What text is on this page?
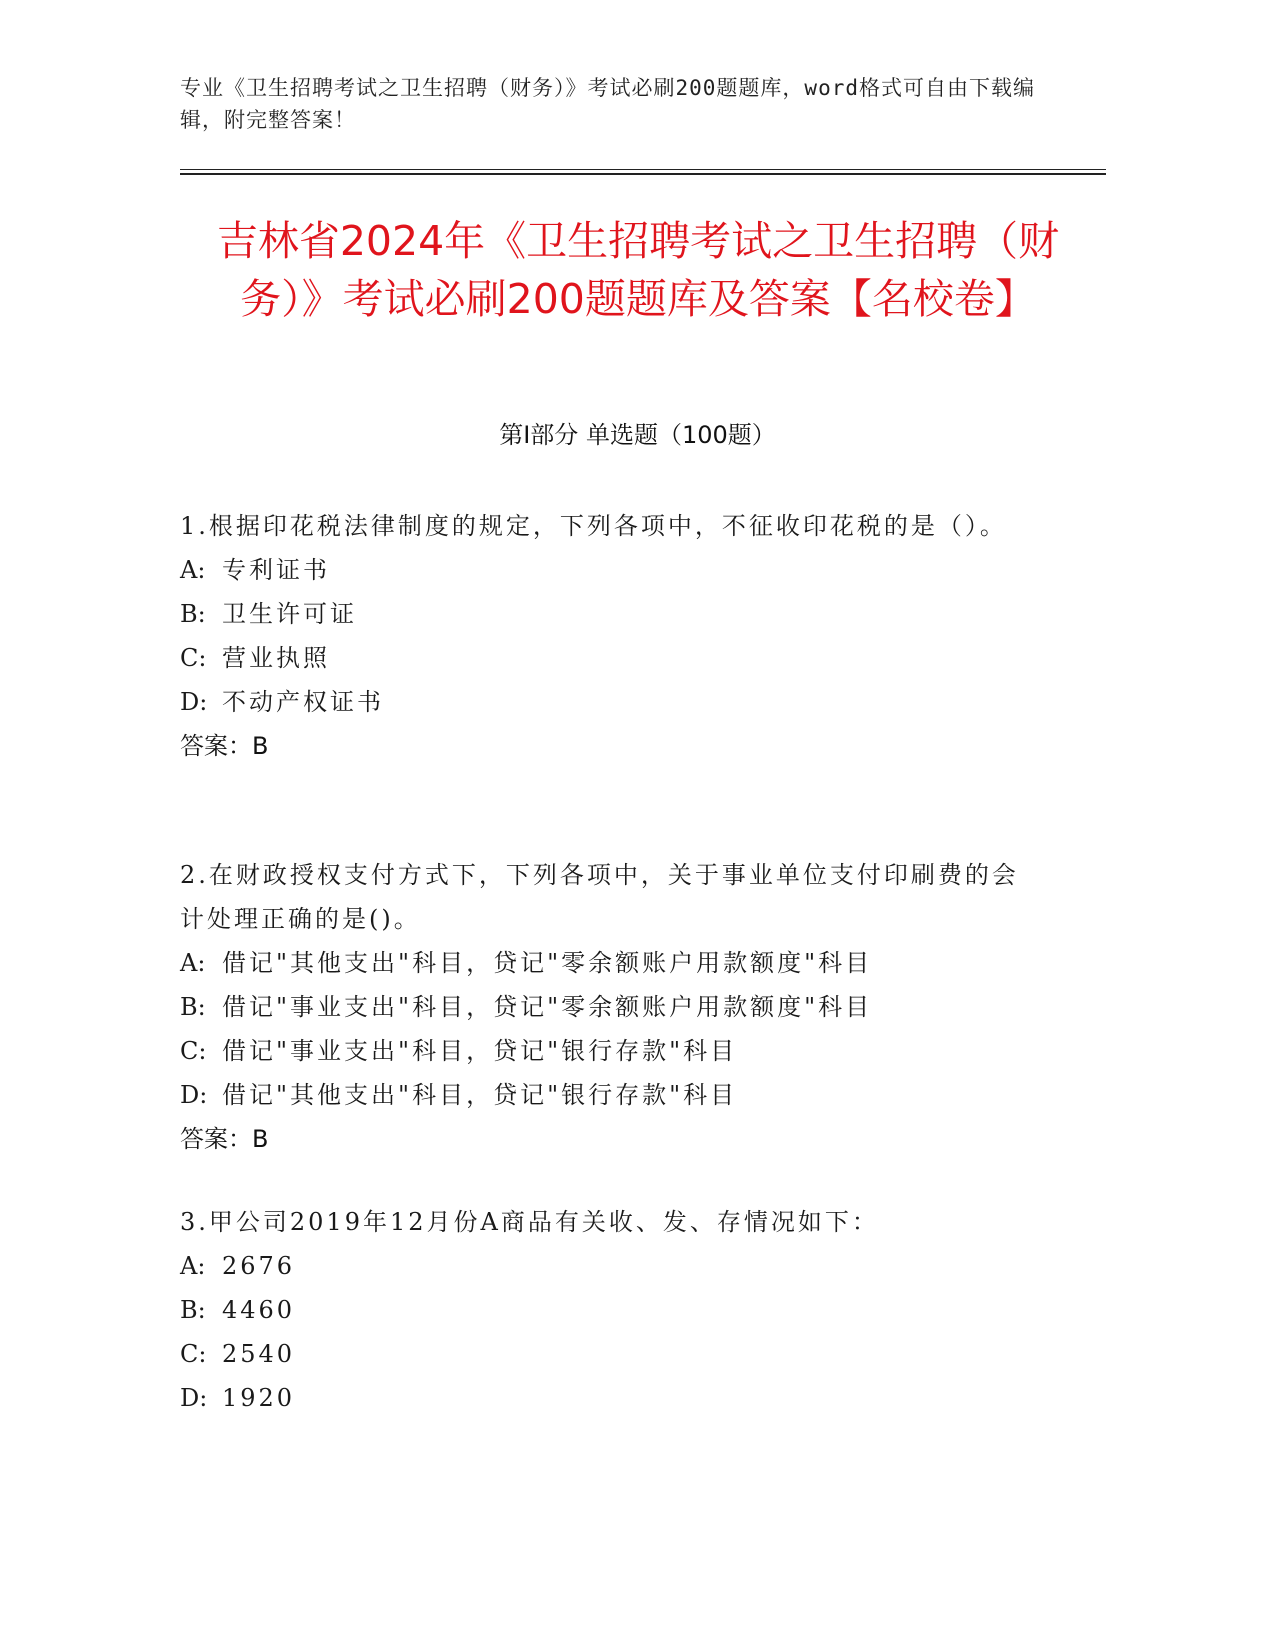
专业《卫生招聘考试之卫生招聘（财务）》考试必刷200题题库，word格式可自由下载编辑，附完整答案！
吉林省2024年《卫生招聘考试之卫生招聘（财务）》考试必刷200题题库及答案【名校卷】
第Ⅰ部分 单选题（100题）
1.根据印花税法律制度的规定，下列各项中，不征收印花税的是（）。
A: 专利证书
B: 卫生许可证
C: 营业执照
D: 不动产权证书
答案：B
2.在财政授权支付方式下，下列各项中，关于事业单位支付印刷费的会计处理正确的是()。
A: 借记"其他支出"科目，贷记"零余额账户用款额度"科目
B: 借记"事业支出"科目，贷记"零余额账户用款额度"科目
C: 借记"事业支出"科目，贷记"银行存款"科目
D: 借记"其他支出"科目，贷记"银行存款"科目
答案：B
3.甲公司2019年12月份A商品有关收、发、存情况如下：
A: 2676
B: 4460
C: 2540
D: 1920
